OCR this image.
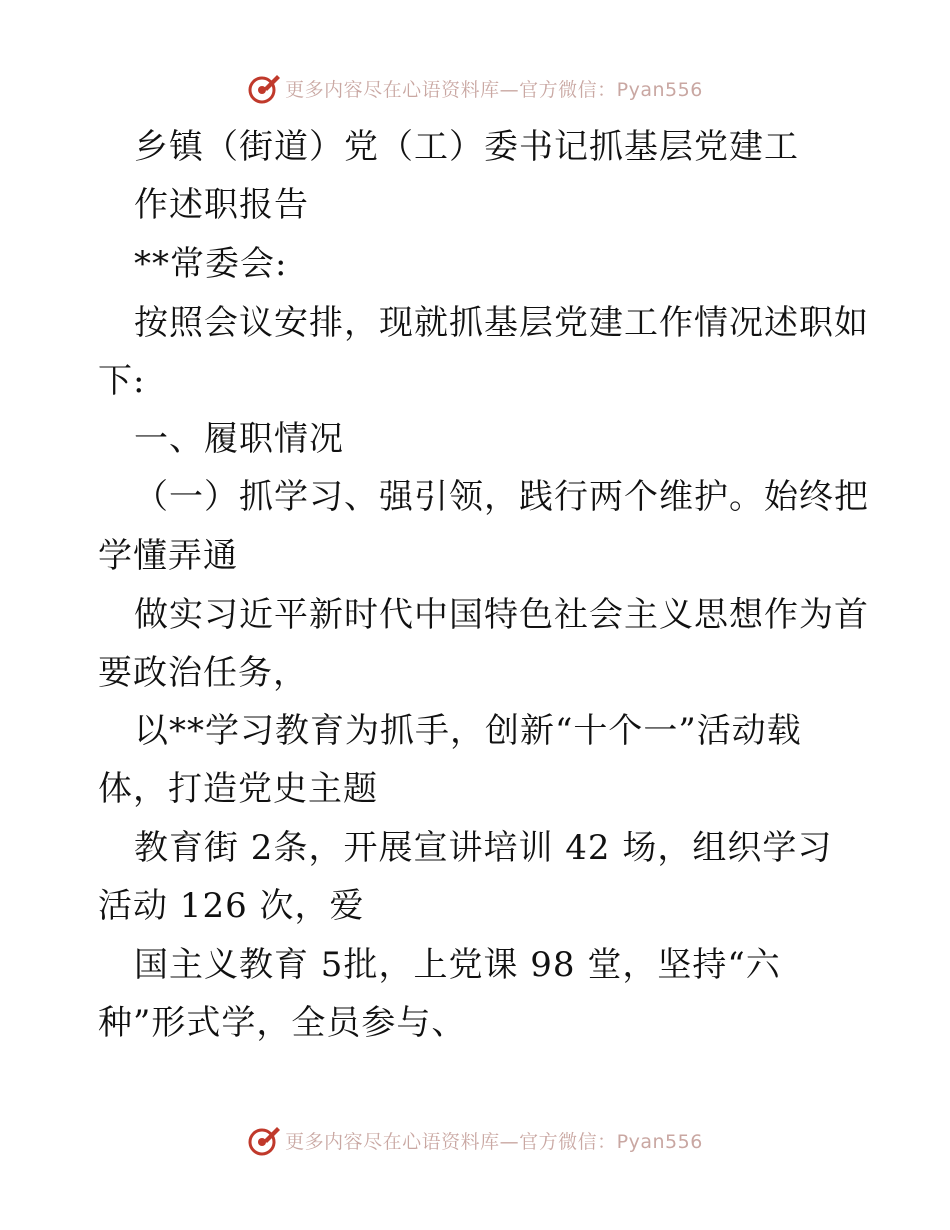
更多内容尽在心语资料库—官方微信：Pyan556
乡镇（街道）党（工）委书记抓基层党建工
作述职报告
**常委会:
按照会议安排，现就抓基层党建工作情况述职如
下:
一、履职情况
（一）抓学习、强引领，践行两个维护。始终把
学懂弄通
做实习近平新时代中国特色社会主义思想作为首
要政治任务，
以**学习教育为抓手，创新“十个一”活动载
体，打造党史主题
教育街 2条，开展宣讲培训 42 场，组织学习
活动 126 次，爱
国主义教育 5批，上党课 98 堂，坚持“六
种”形式学，全员参与、
更多内容尽在心语资料库—官方微信：Pyan556
